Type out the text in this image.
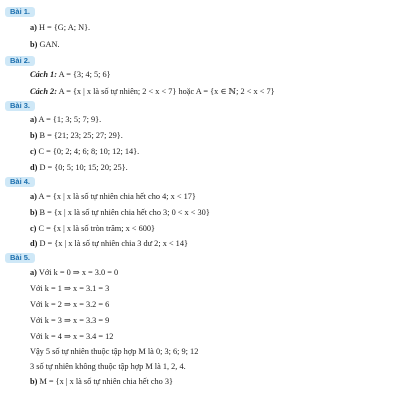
Bài 1.
a) H = {G; A; N}.
b) GAN.
Bài 2.
Cách 1: A = {3; 4; 5; 6}
Cách 2: A = {x | x là số tự nhiên; 2 < x < 7} hoặc A = {x ∈ ℕ; 2 < x < 7}
Bài 3.
a) A = {1; 3; 5; 7; 9}.
b) B = {21; 23; 25; 27; 29}.
c) C = {0; 2; 4; 6; 8; 10; 12; 14}.
d) D = {0; 5; 10; 15; 20; 25}.
Bài 4.
a) A = {x | x là số tự nhiên chia hết cho 4; x < 17}
b) B = {x | x là số tự nhiên chia hết cho 3; 0 < x < 30}
c) C = {x | x là số tròn trăm; x < 600}
d) D = {x | x là số tự nhiên chia 3 dư 2; x < 14}
Bài 5.
a) Với k = 0 ⇒ x = 3.0 = 0
Với k = 1 ⇒ x = 3.1 = 3
Với k = 2 ⇒ x = 3.2 = 6
Với k = 3 ⇒ x = 3.3 = 9
Với k = 4 ⇒ x = 3.4 = 12
Vậy 5 số tự nhiên thuộc tập hợp M là 0; 3; 6; 9; 12
3 số tự nhiên không thuộc tập hợp M là 1, 2, 4.
b) M = {x | x là số tự nhiên chia hết cho 3}
